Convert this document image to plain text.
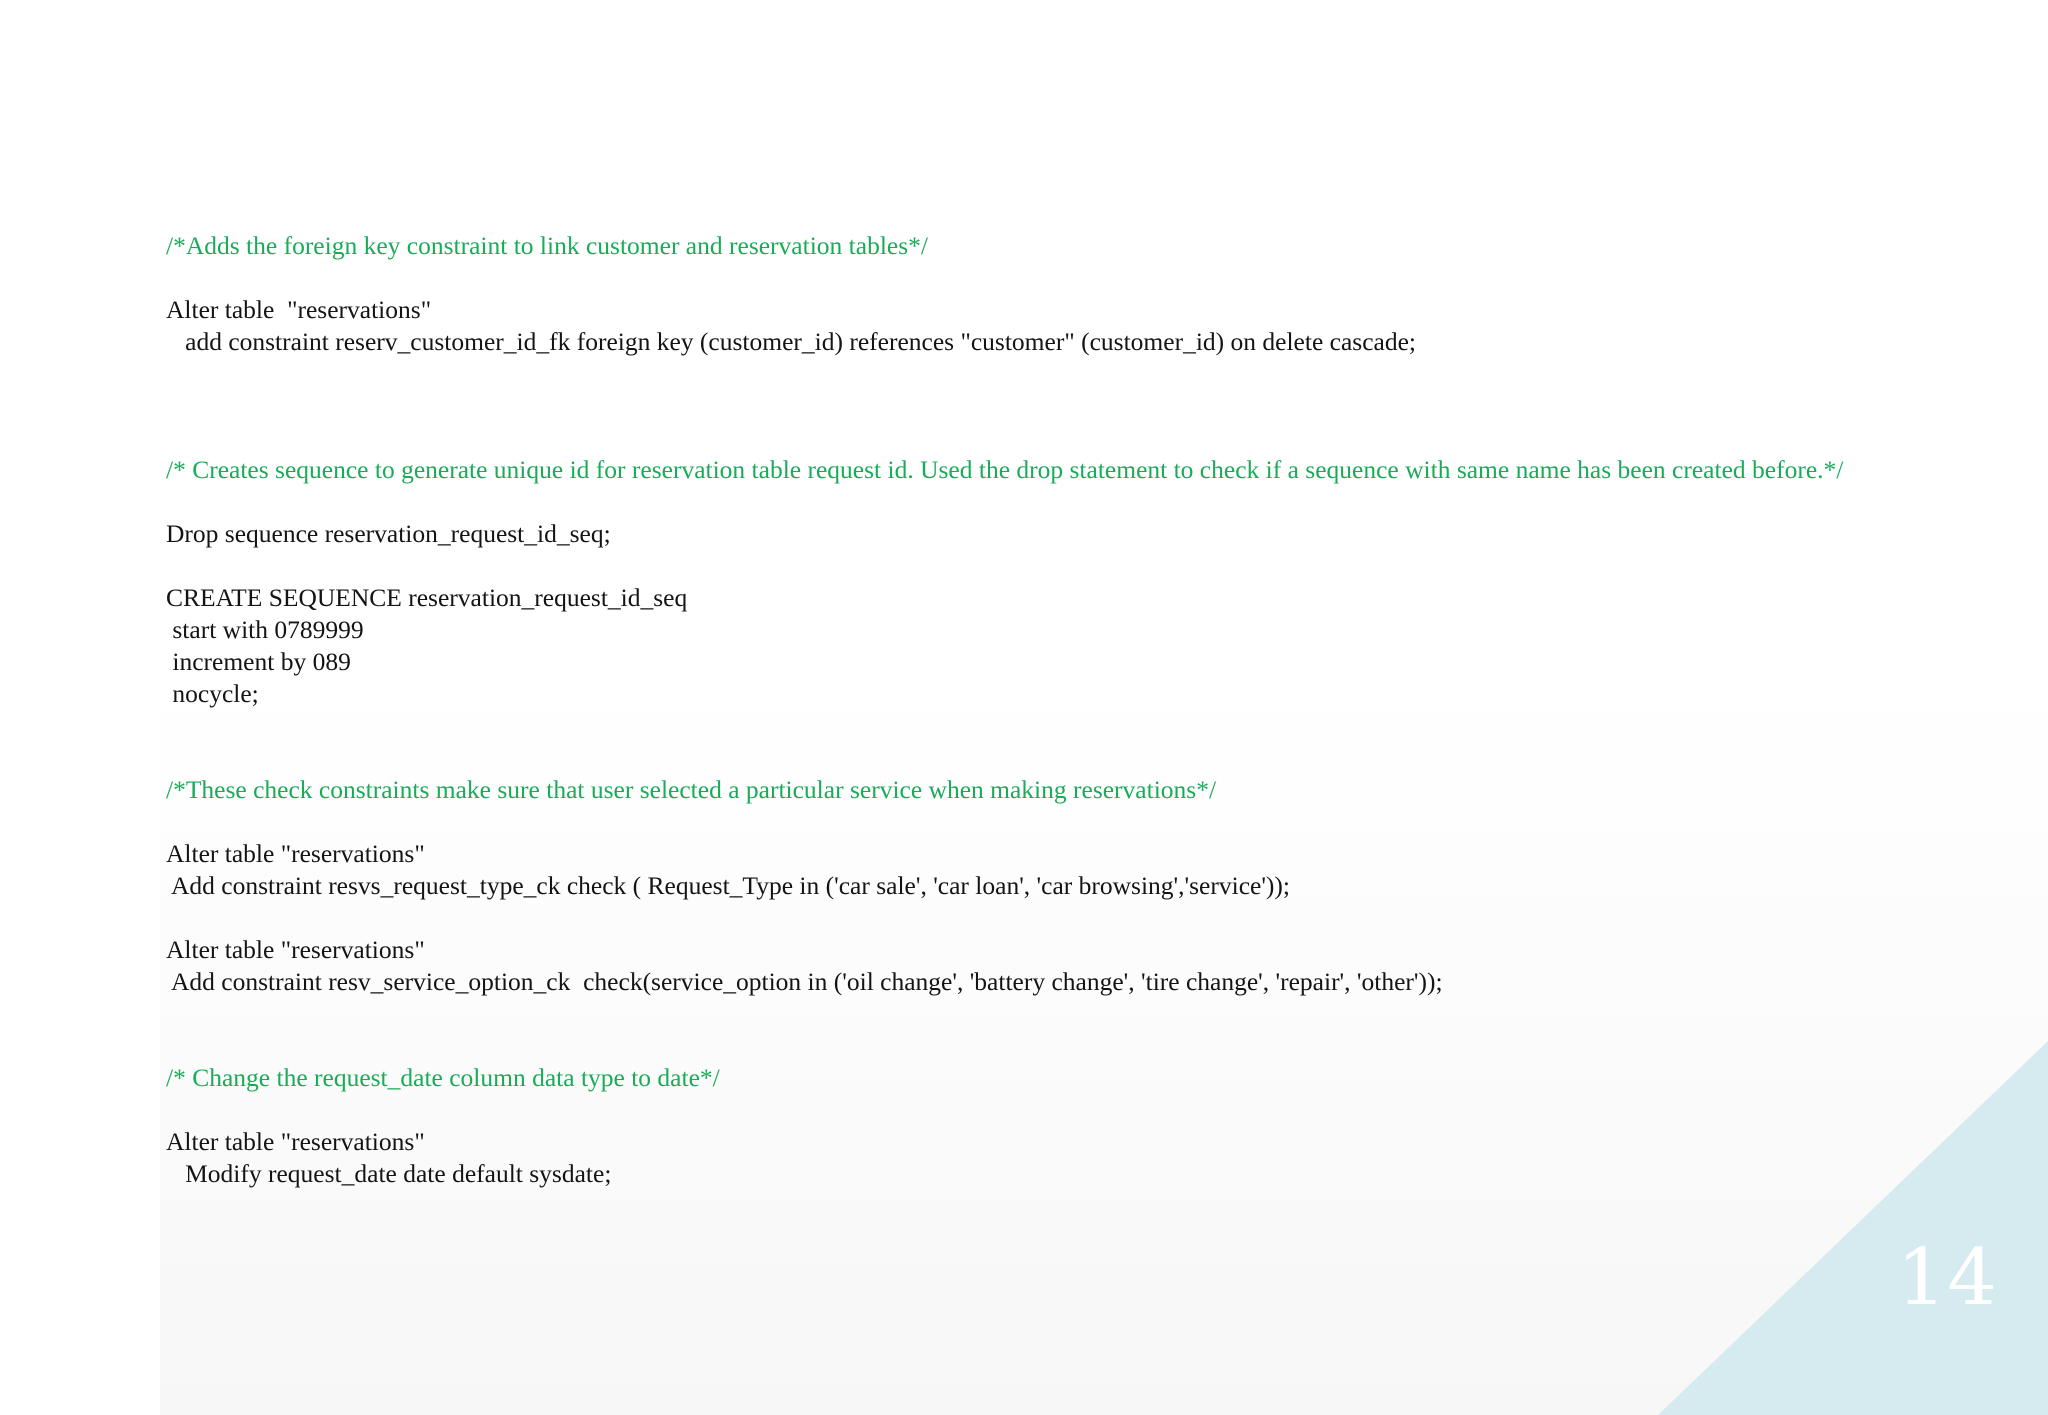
14
/*Adds the foreign key constraint to link customer and reservation tables*/
Alter table  "reservations"
add constraint reserv_customer_id_fk foreign key (customer_id) references "customer" (customer_id) on delete cascade;
/* Creates sequence to generate unique id for reservation table request id. Used the drop statement to check if a sequence with same name has been created before.*/
Drop sequence reservation_request_id_seq;
CREATE SEQUENCE reservation_request_id_seq
start with 0789999
increment by 089
nocycle;
/*These check constraints make sure that user selected a particular service when making reservations*/
Alter table "reservations"
Add constraint resvs_request_type_ck check ( Request_Type in ('car sale', 'car loan', 'car browsing','service'));
Alter table "reservations"
Add constraint resv_service_option_ck  check(service_option in ('oil change', 'battery change', 'tire change', 'repair', 'other'));
/* Change the request_date column data type to date*/
Alter table "reservations"
Modify request_date date default sysdate;
